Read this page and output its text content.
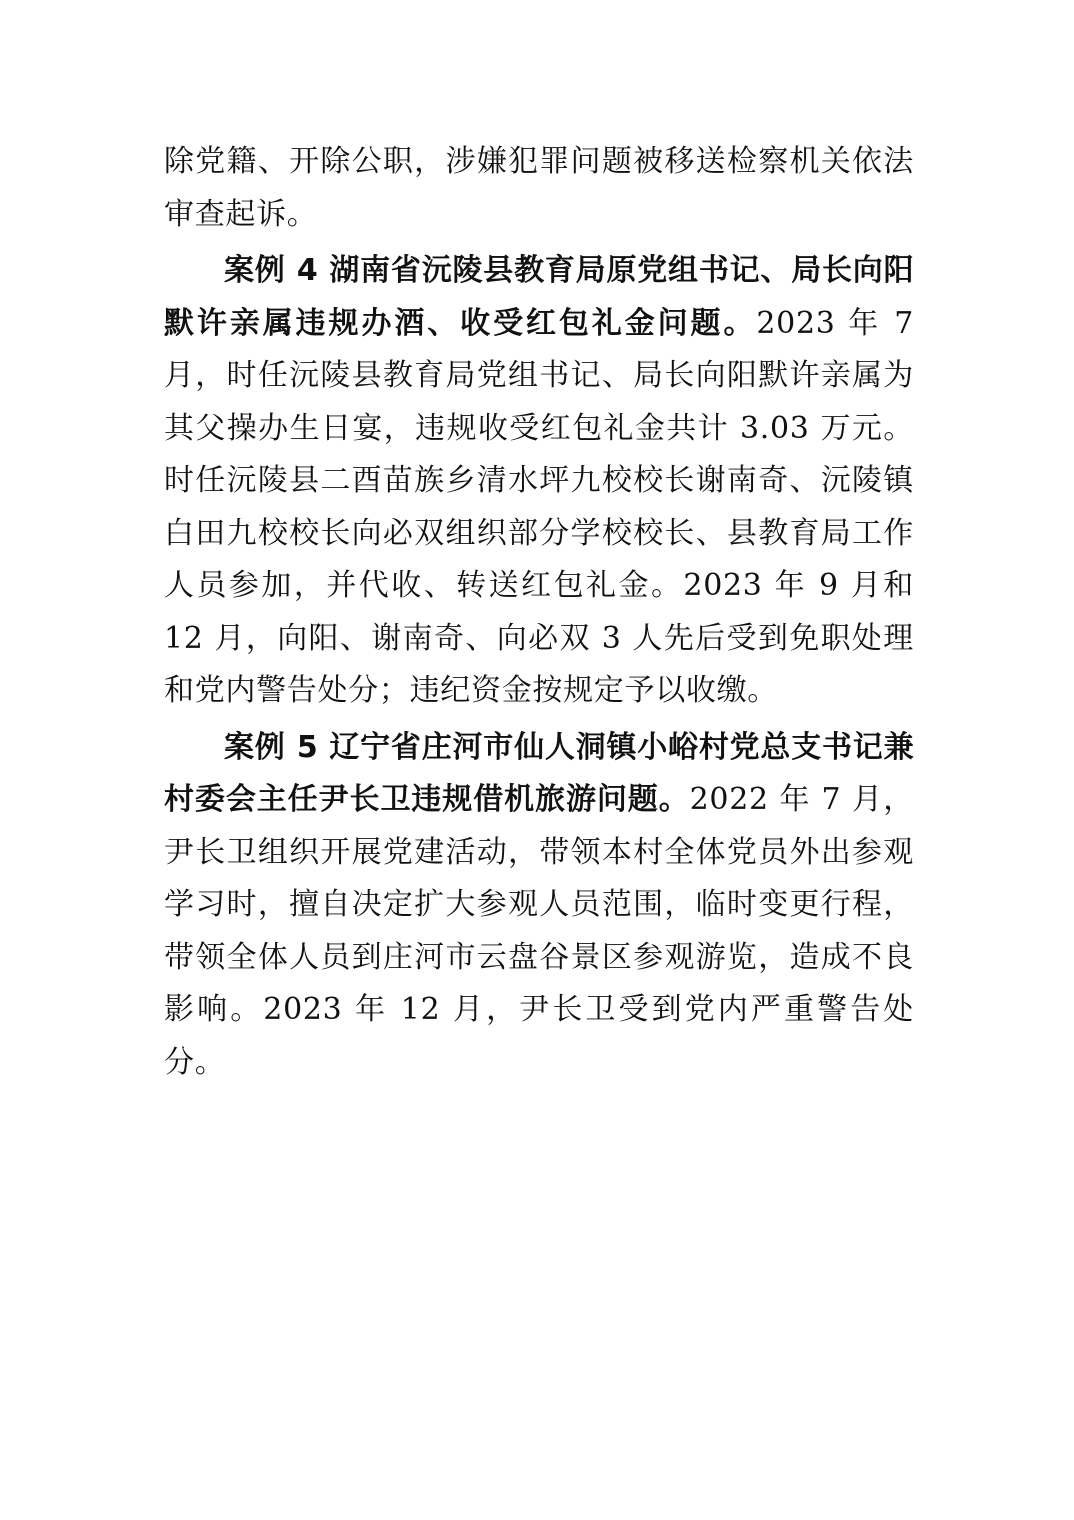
除党籍、开除公职，涉嫌犯罪问题被移送检察机关依法审查起诉。

案例 4 湖南省沅陵县教育局原党组书记、局长向阳默许亲属违规办酒、收受红包礼金问题。2023 年 7 月，时任沅陵县教育局党组书记、局长向阳默许亲属为其父操办生日宴，违规收受红包礼金共计 3.03 万元。时任沅陵县二酉苗族乡清水坪九校校长谢南奇、沅陵镇白田九校校长向必双组织部分学校校长、县教育局工作人员参加，并代收、转送红包礼金。2023 年 9 月和 12 月，向阳、谢南奇、向必双 3 人先后受到免职处理和党内警告处分；违纪资金按规定予以收缴。

案例 5 辽宁省庄河市仙人洞镇小峪村党总支书记兼村委会主任尹长卫违规借机旅游问题。2022 年 7 月，尹长卫组织开展党建活动，带领本村全体党员外出参观学习时，擅自决定扩大参观人员范围，临时变更行程，带领全体人员到庄河市云盘谷景区参观游览，造成不良影响。2023 年 12 月，尹长卫受到党内严重警告处分。
